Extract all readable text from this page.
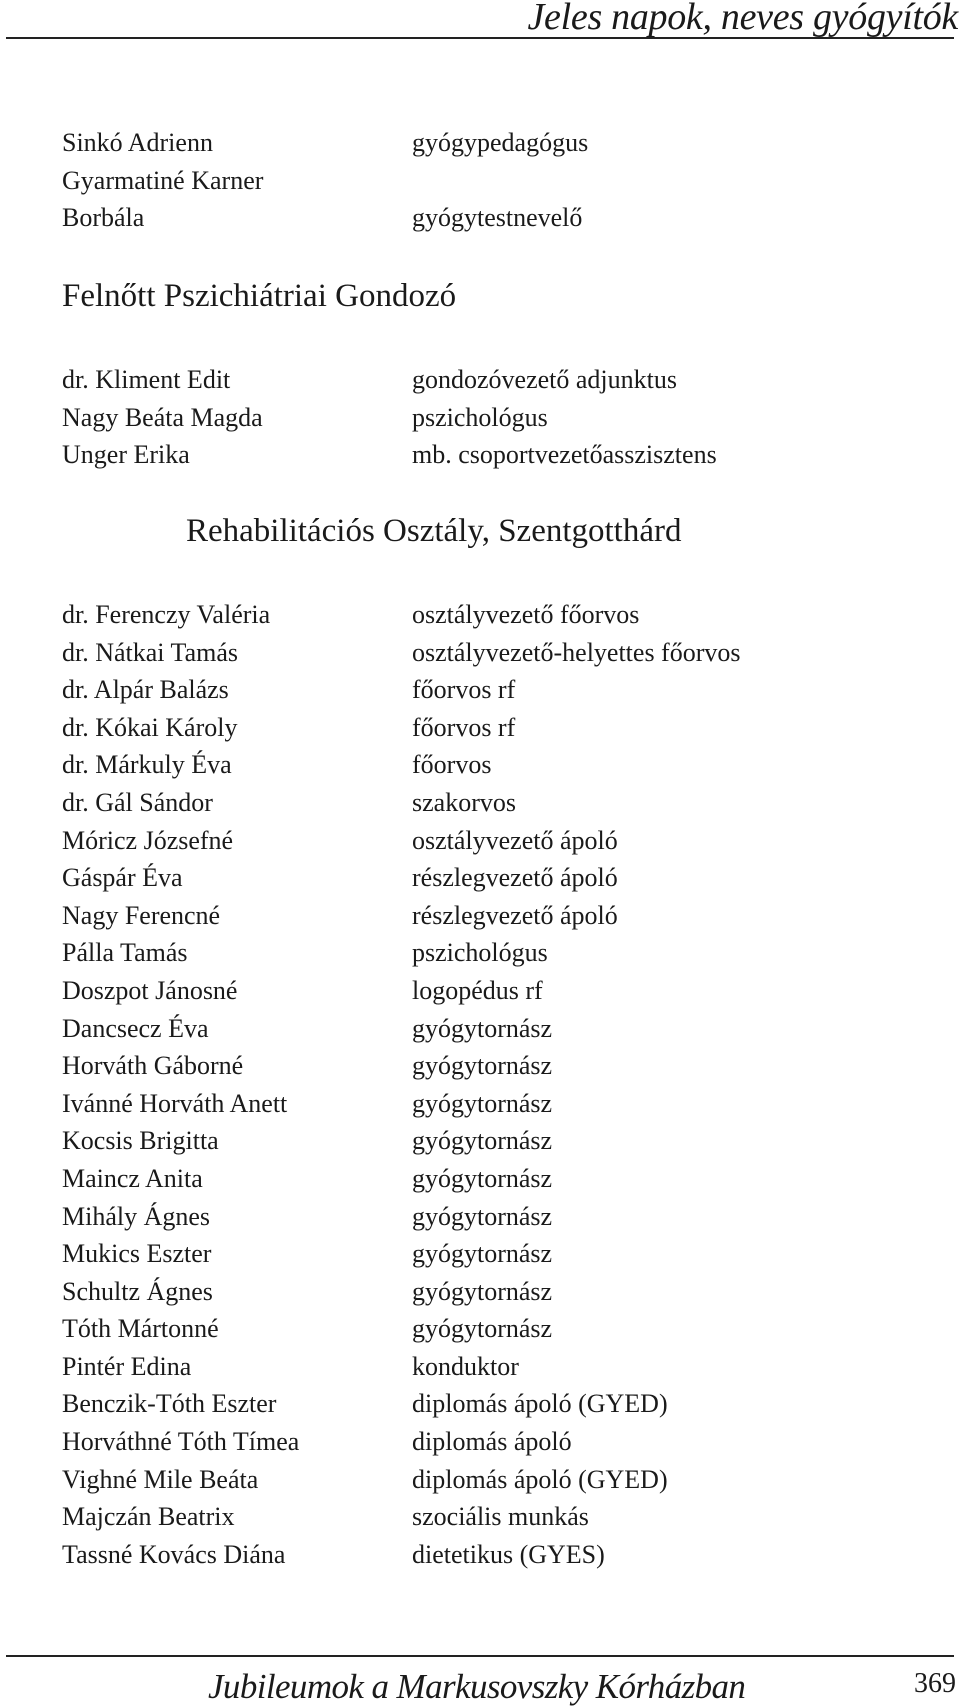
Jeles napok, neves gyógyítók
Sinkó Adrienn	gyógypedagógus
Gyarmatiné Karner
Borbála	gyógytestnevelő
Felnőtt Pszichiátriai Gondozó
dr. Kliment Edit	gondozóvezető adjunktus
Nagy Beáta Magda	pszichológus
Unger Erika	mb. csoportvezetőasszisztens
Rehabilitációs Osztály, Szentgotthárd
dr. Ferenczy Valéria	osztályvezető főorvos
dr. Nátkai Tamás	osztályvezető-helyettes főorvos
dr. Alpár Balázs	főorvos rf
dr. Kókai Károly	főorvos rf
dr. Márkuly Éva	főorvos
dr. Gál Sándor	szakorvos
Móricz Józsefné	osztályvezető ápoló
Gáspár Éva	részlegvezető ápoló
Nagy Ferencné	részlegvezető ápoló
Pálla Tamás	pszichológus
Doszpot Jánosné	logopédus rf
Dancsecz Éva	gyógytornász
Horváth Gáborné	gyógytornász
Ivánné Horváth Anett	gyógytornász
Kocsis Brigitta	gyógytornász
Maincz Anita	gyógytornász
Mihály Ágnes	gyógytornász
Mukics Eszter	gyógytornász
Schultz Ágnes	gyógytornász
Tóth Mártonné	gyógytornász
Pintér Edina	konduktor
Benczik-Tóth Eszter	diplomás ápoló (GYED)
Horváthné Tóth Tímea	diplomás ápoló
Vighné Mile Beáta	diplomás ápoló (GYED)
Majczán Beatrix	szociális munkás
Tassné Kovács Diána	dietetikus (GYES)
Jubileumok a Markusovszky Kórházban	369
